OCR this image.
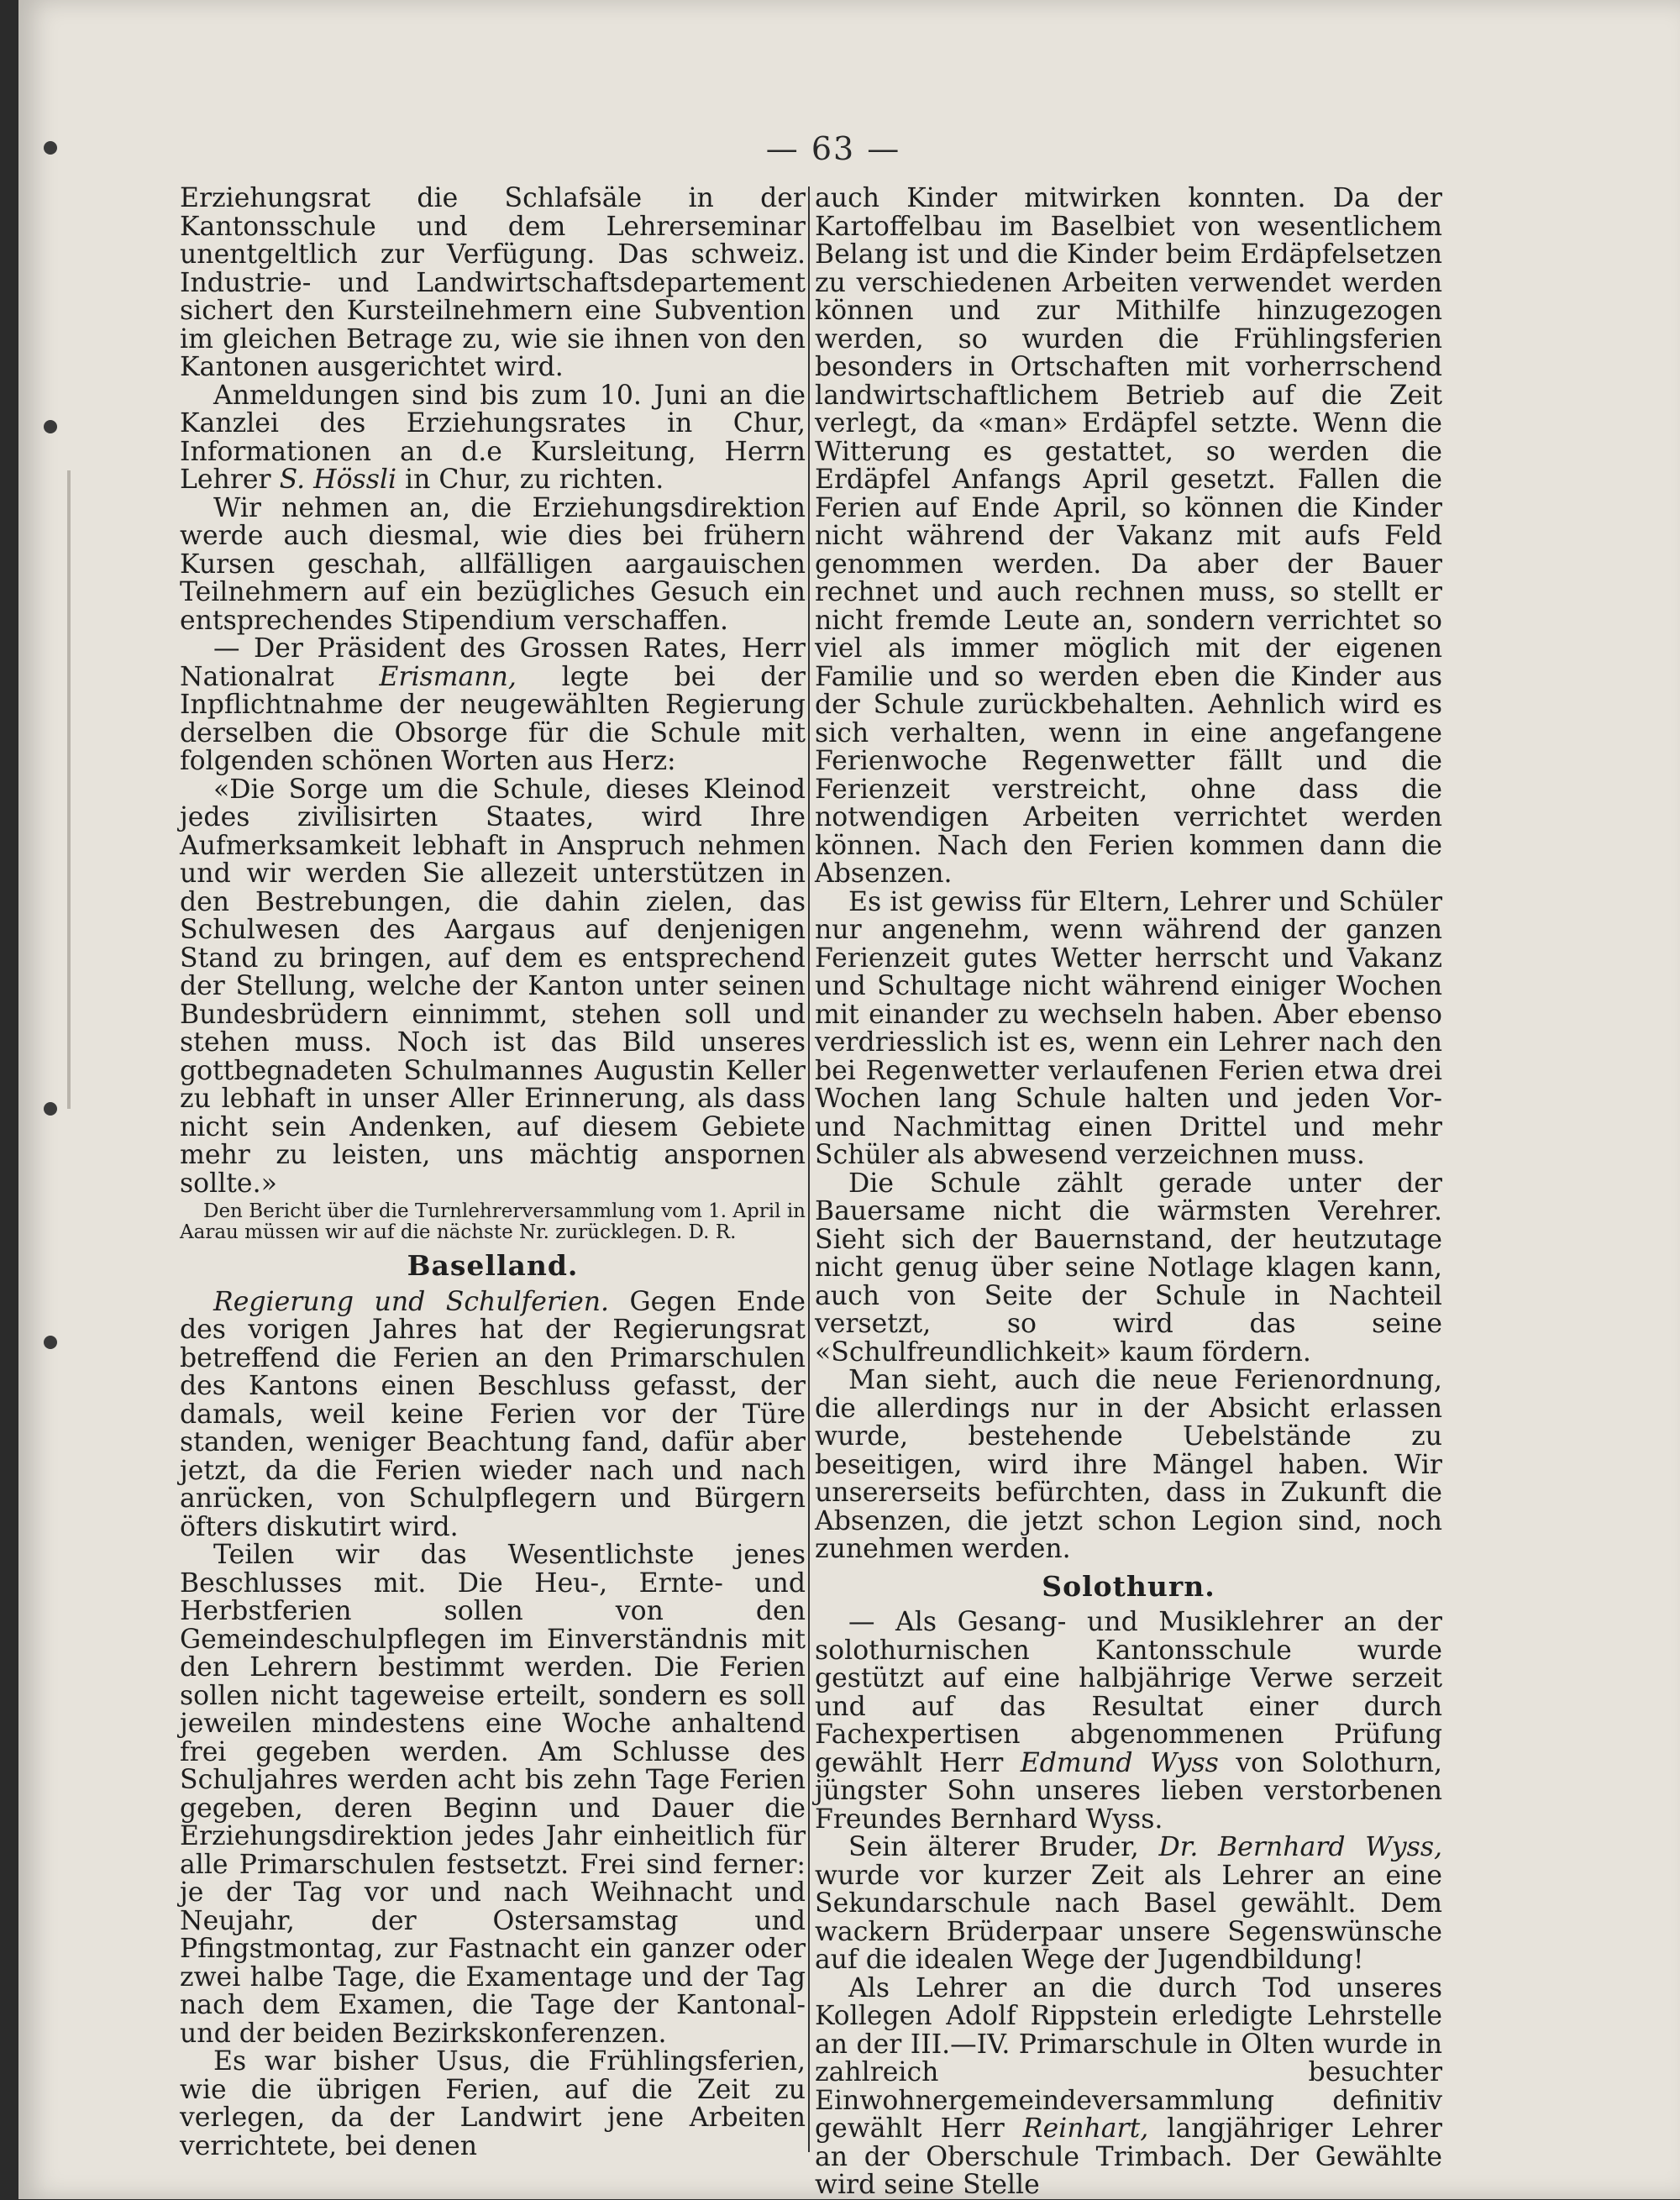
— 63 —

Erziehungsrat die Schlafsäle in der Kantonsschule und dem Lehrerseminar unentgeltlich zur Verfügung. Das schweiz. Industrie- und Landwirtschaftsdepartement sichert den Kursteilnehmern eine Subvention im gleichen Betrage zu, wie sie ihnen von den Kantonen ausgerichtet wird.

Anmeldungen sind bis zum 10. Juni an die Kanzlei des Erziehungsrates in Chur, Informationen an d.e Kursleitung, Herrn Lehrer S. Hössli in Chur, zu richten.

Wir nehmen an, die Erziehungsdirektion werde auch diesmal, wie dies bei frühern Kursen geschah, allfälligen aargauischen Teilnehmern auf ein bezügliches Gesuch ein entsprechendes Stipendium verschaffen.

— Der Präsident des Grossen Rates, Herr Nationalrat Erismann, legte bei der Inpflichtnahme der neugewählten Regierung derselben die Obsorge für die Schule mit folgenden schönen Worten aus Herz:

«Die Sorge um die Schule, dieses Kleinod jedes zivilisirten Staates, wird Ihre Aufmerksamkeit lebhaft in Anspruch nehmen und wir werden Sie allezeit unterstützen in den Bestrebungen, die dahin zielen, das Schulwesen des Aargaus auf denjenigen Stand zu bringen, auf dem es entsprechend der Stellung, welche der Kanton unter seinen Bundesbrüdern einnimmt, stehen soll und stehen muss. Noch ist das Bild unseres gottbegnadeten Schulmannes Augustin Keller zu lebhaft in unser Aller Erinnerung, als dass nicht sein Andenken, auf diesem Gebiete mehr zu leisten, uns mächtig anspornen sollte.»

Den Bericht über die Turnlehrerversammlung vom 1. April in Aarau müssen wir auf die nächste Nr. zurücklegen. D. R.

Baselland.

Regierung und Schulferien. Gegen Ende des vorigen Jahres hat der Regierungsrat betreffend die Ferien an den Primarschulen des Kantons einen Beschluss gefasst, der damals, weil keine Ferien vor der Türe standen, weniger Beachtung fand, dafür aber jetzt, da die Ferien wieder nach und nach anrücken, von Schulpflegern und Bürgern öfters diskutirt wird.

Teilen wir das Wesentlichste jenes Beschlusses mit. Die Heu-, Ernte- und Herbstferien sollen von den Gemeindeschulpflegen im Einverständnis mit den Lehrern bestimmt werden. Die Ferien sollen nicht tageweise erteilt, sondern es soll jeweilen mindestens eine Woche anhaltend frei gegeben werden. Am Schlusse des Schuljahres werden acht bis zehn Tage Ferien gegeben, deren Beginn und Dauer die Erziehungsdirektion jedes Jahr einheitlich für alle Primarschulen festsetzt. Frei sind ferner: je der Tag vor und nach Weihnacht und Neujahr, der Ostersamstag und Pfingstmontag, zur Fastnacht ein ganzer oder zwei halbe Tage, die Examentage und der Tag nach dem Examen, die Tage der Kantonal- und der beiden Bezirkskonferenzen.

Es war bisher Usus, die Frühlingsferien, wie die übrigen Ferien, auf die Zeit zu verlegen, da der Landwirt jene Arbeiten verrichtete, bei denen

auch Kinder mitwirken konnten. Da der Kartoffelbau im Baselbiet von wesentlichem Belang ist und die Kinder beim Erdäpfelsetzen zu verschiedenen Arbeiten verwendet werden können und zur Mithilfe hinzugezogen werden, so wurden die Frühlingsferien besonders in Ortschaften mit vorherrschend landwirtschaftlichem Betrieb auf die Zeit verlegt, da «man» Erdäpfel setzte. Wenn die Witterung es gestattet, so werden die Erdäpfel Anfangs April gesetzt. Fallen die Ferien auf Ende April, so können die Kinder nicht während der Vakanz mit aufs Feld genommen werden. Da aber der Bauer rechnet und auch rechnen muss, so stellt er nicht fremde Leute an, sondern verrichtet so viel als immer möglich mit der eigenen Familie und so werden eben die Kinder aus der Schule zurückbehalten. Aehnlich wird es sich verhalten, wenn in eine angefangene Ferienwoche Regenwetter fällt und die Ferienzeit verstreicht, ohne dass die notwendigen Arbeiten verrichtet werden können. Nach den Ferien kommen dann die Absenzen.

Es ist gewiss für Eltern, Lehrer und Schüler nur angenehm, wenn während der ganzen Ferienzeit gutes Wetter herrscht und Vakanz und Schultage nicht während einiger Wochen mit einander zu wechseln haben. Aber ebenso verdriesslich ist es, wenn ein Lehrer nach den bei Regenwetter verlaufenen Ferien etwa drei Wochen lang Schule halten und jeden Vor- und Nachmittag einen Drittel und mehr Schüler als abwesend verzeichnen muss.

Die Schule zählt gerade unter der Bauersame nicht die wärmsten Verehrer. Sieht sich der Bauernstand, der heutzutage nicht genug über seine Notlage klagen kann, auch von Seite der Schule in Nachteil versetzt, so wird das seine «Schulfreundlichkeit» kaum fördern.

Man sieht, auch die neue Ferienordnung, die allerdings nur in der Absicht erlassen wurde, bestehende Uebelstände zu beseitigen, wird ihre Mängel haben. Wir unsererseits befürchten, dass in Zukunft die Absenzen, die jetzt schon Legion sind, noch zunehmen werden.

Solothurn.

— Als Gesang- und Musiklehrer an der solothurnischen Kantonsschule wurde gestützt auf eine halbjährige Verwe serzeit und auf das Resultat einer durch Fachexpertisen abgenommenen Prüfung gewählt Herr Edmund Wyss von Solothurn, jüngster Sohn unseres lieben verstorbenen Freundes Bernhard Wyss.

Sein älterer Bruder, Dr. Bernhard Wyss, wurde vor kurzer Zeit als Lehrer an eine Sekundarschule nach Basel gewählt. Dem wackern Brüderpaar unsere Segenswünsche auf die idealen Wege der Jugendbildung!

Als Lehrer an die durch Tod unseres Kollegen Adolf Rippstein erledigte Lehrstelle an der III.—IV. Primarschule in Olten wurde in zahlreich besuchter Einwohnergemeindeversammlung definitiv gewählt Herr Reinhart, langjähriger Lehrer an der Oberschule Trimbach. Der Gewählte wird seine Stelle
